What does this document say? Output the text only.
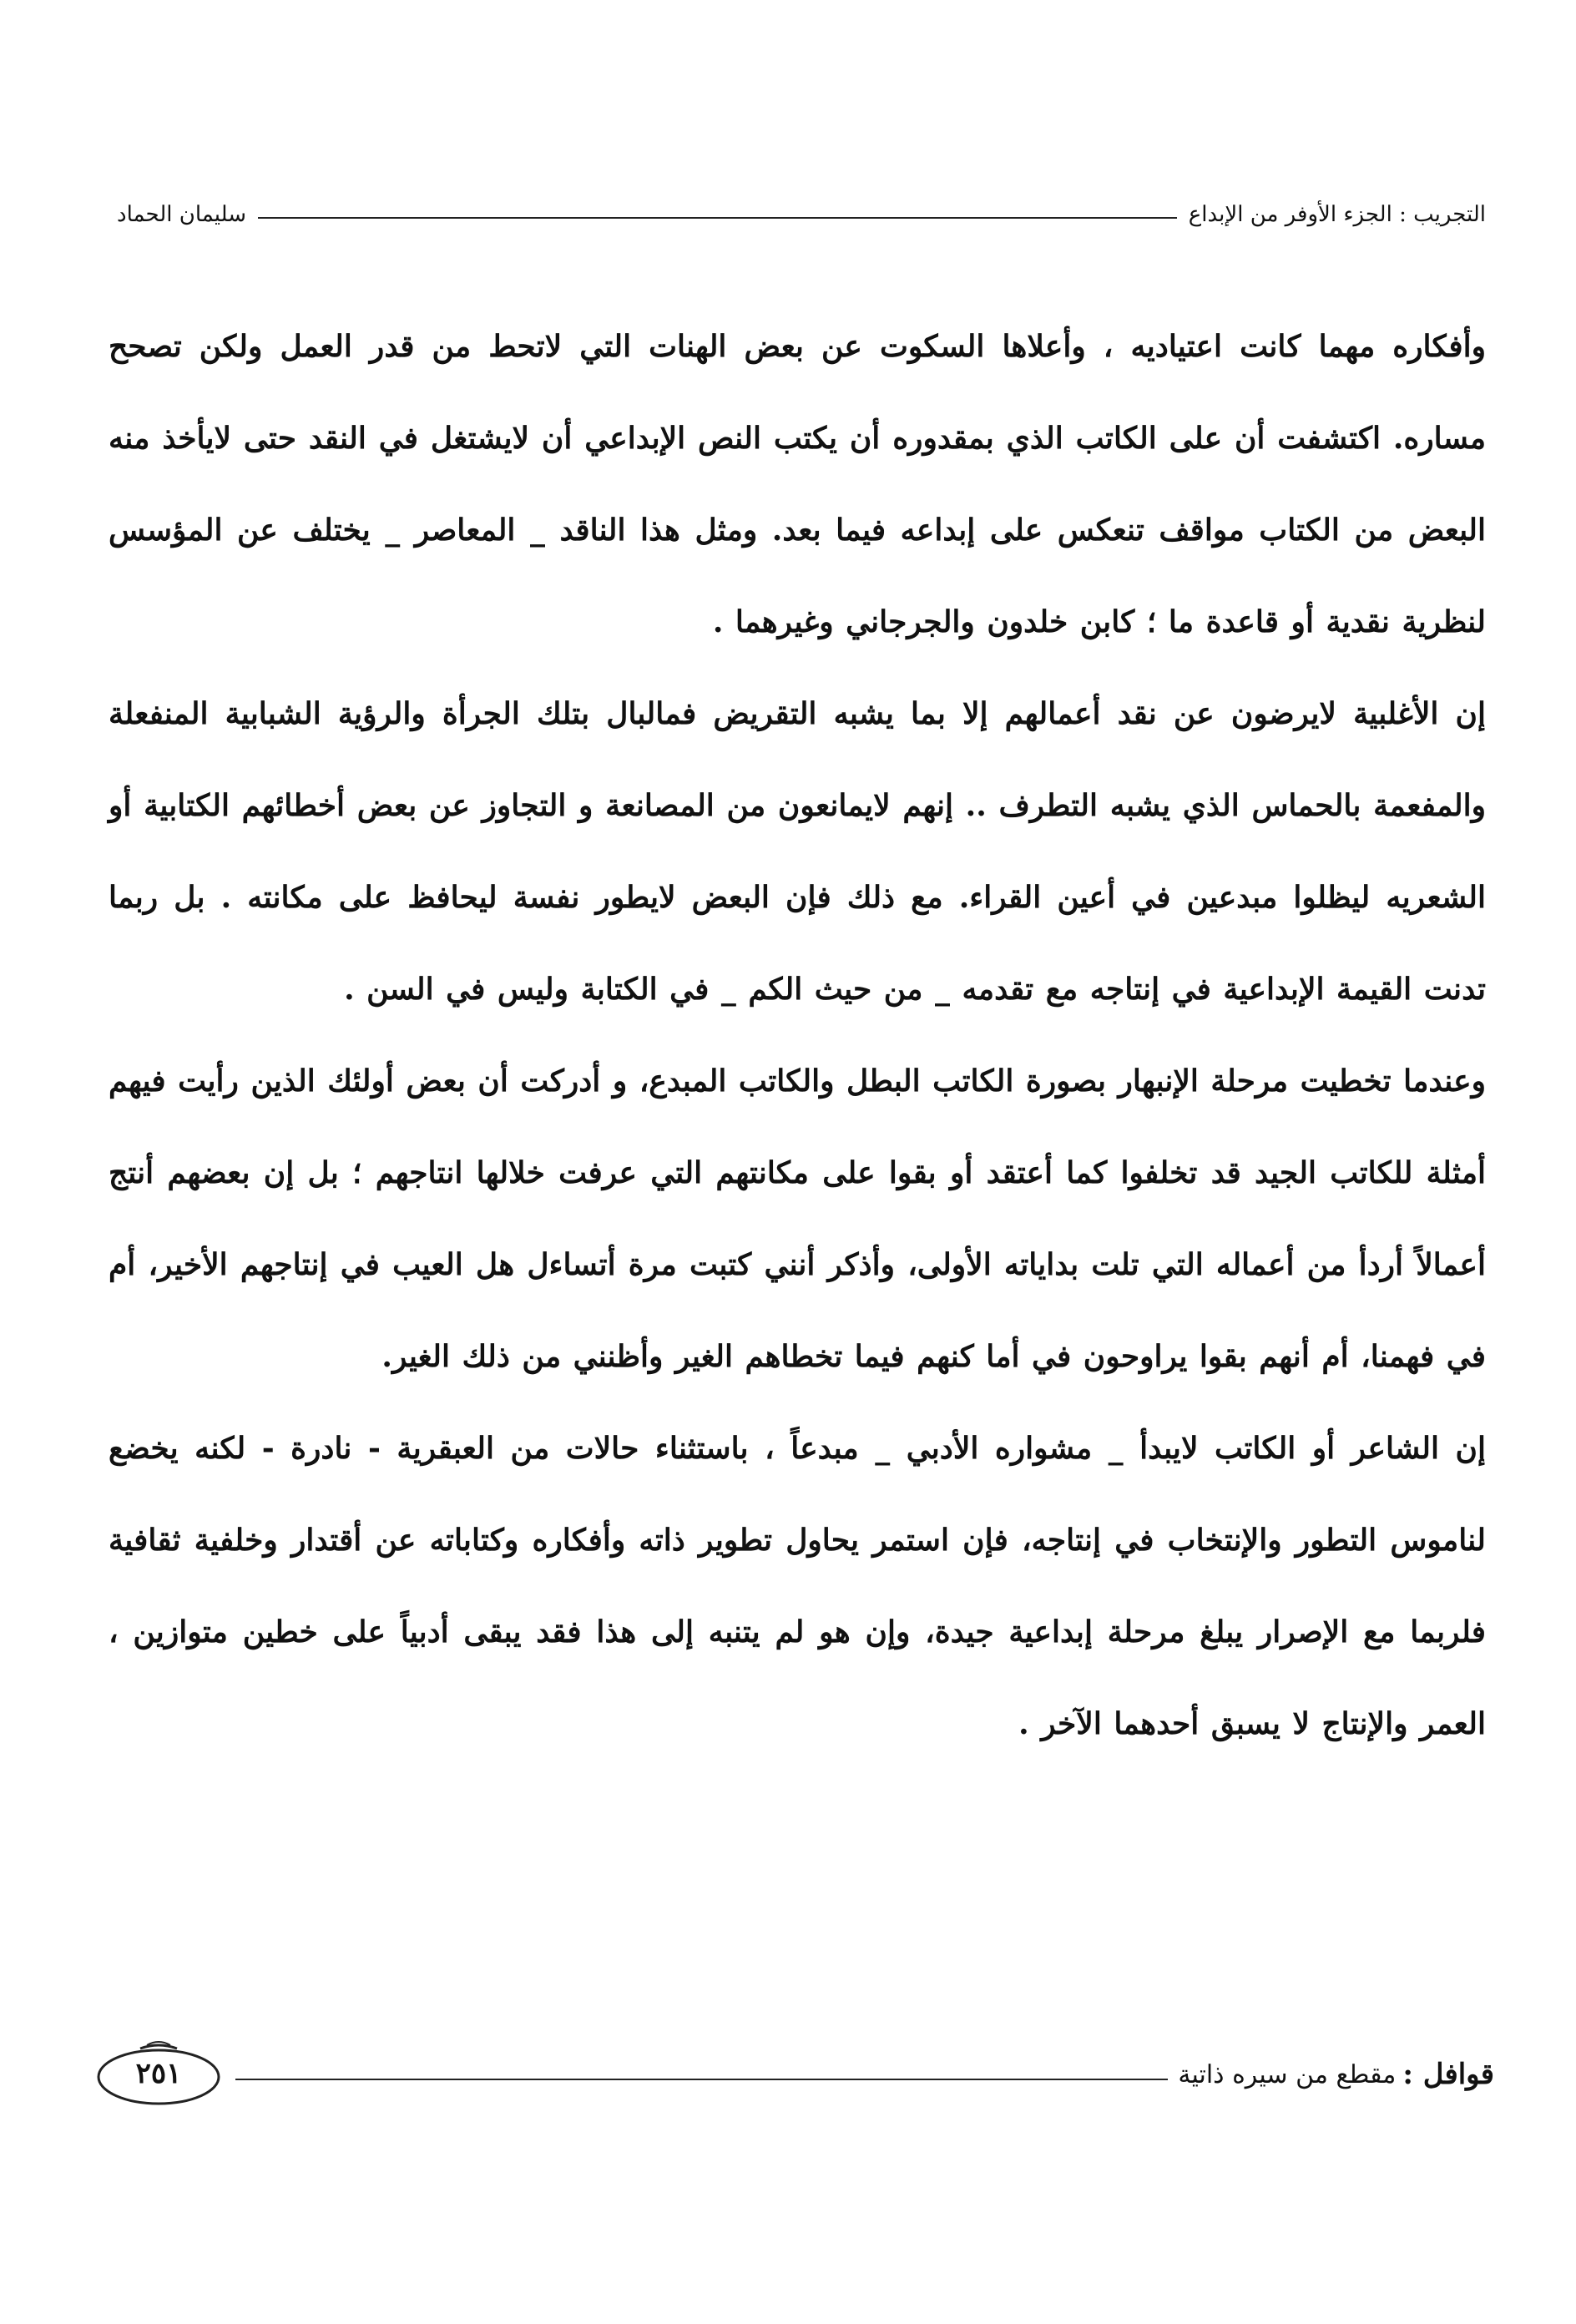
التجريب : الجزء الأوفر من الإبداع
سليمان الحماد

وأفكاره مهما كانت اعتياديه ، وأعلاها السكوت عن بعض الهنات التي لاتحط من قدر العمل ولكن تصحح مساره. اكتشفت أن على الكاتب الذي بمقدوره أن يكتب النص الإبداعي أن لايشتغل في النقد حتى لايأخذ منه البعض من الكتاب مواقف تنعكس على إبداعه فيما بعد. ومثل هذا الناقد _ المعاصر _ يختلف عن المؤسس لنظرية نقدية أو قاعدة ما ؛ كابن خلدون والجرجاني وغيرهما .

إن الأغلبية لايرضون عن نقد أعمالهم إلا بما يشبه التقريض فمالبال بتلك الجرأة والرؤية الشبابية المنفعلة والمفعمة بالحماس الذي يشبه التطرف .. إنهم لايمانعون من المصانعة و التجاوز عن بعض أخطائهم الكتابية أو الشعريه ليظلوا مبدعين في أعين القراء. مع ذلك فإن البعض لايطور نفسة ليحافظ على مكانته . بل ربما تدنت القيمة الإبداعية في إنتاجه مع تقدمه _ من حيث الكم _ في الكتابة وليس في السن .

وعندما تخطيت مرحلة الإنبهار بصورة الكاتب البطل والكاتب المبدع، و أدركت أن بعض أولئك الذين رأيت فيهم أمثلة للكاتب الجيد قد تخلفوا كما أعتقد أو بقوا على مكانتهم التي عرفت خلالها انتاجهم ؛ بل إن بعضهم أنتج أعمالاً أردأ من أعماله التي تلت بداياته الأولى، وأذكر أنني كتبت مرة أتساءل هل العيب في إنتاجهم الأخير، أم في فهمنا، أم أنهم بقوا يراوحون في أما كنهم فيما تخطاهم الغير وأظنني من ذلك الغير.

إن الشاعر أو الكاتب لايبدأ _ مشواره الأدبي _ مبدعاً ، باستثناء حالات من العبقرية - نادرة - لكنه يخضع لناموس التطور والإنتخاب في إنتاجه، فإن استمر يحاول تطوير ذاته وأفكاره وكتاباته عن أقتدار وخلفية ثقافية فلربما مع الإصرار يبلغ مرحلة إبداعية جيدة، وإن هو لم يتنبه إلى هذا فقد يبقى أدبياً على خطين متوازين ، العمر والإنتاج لا يسبق أحدهما الآخر .

قوافل :
مقطع من سيره ذاتية
٢٥١
